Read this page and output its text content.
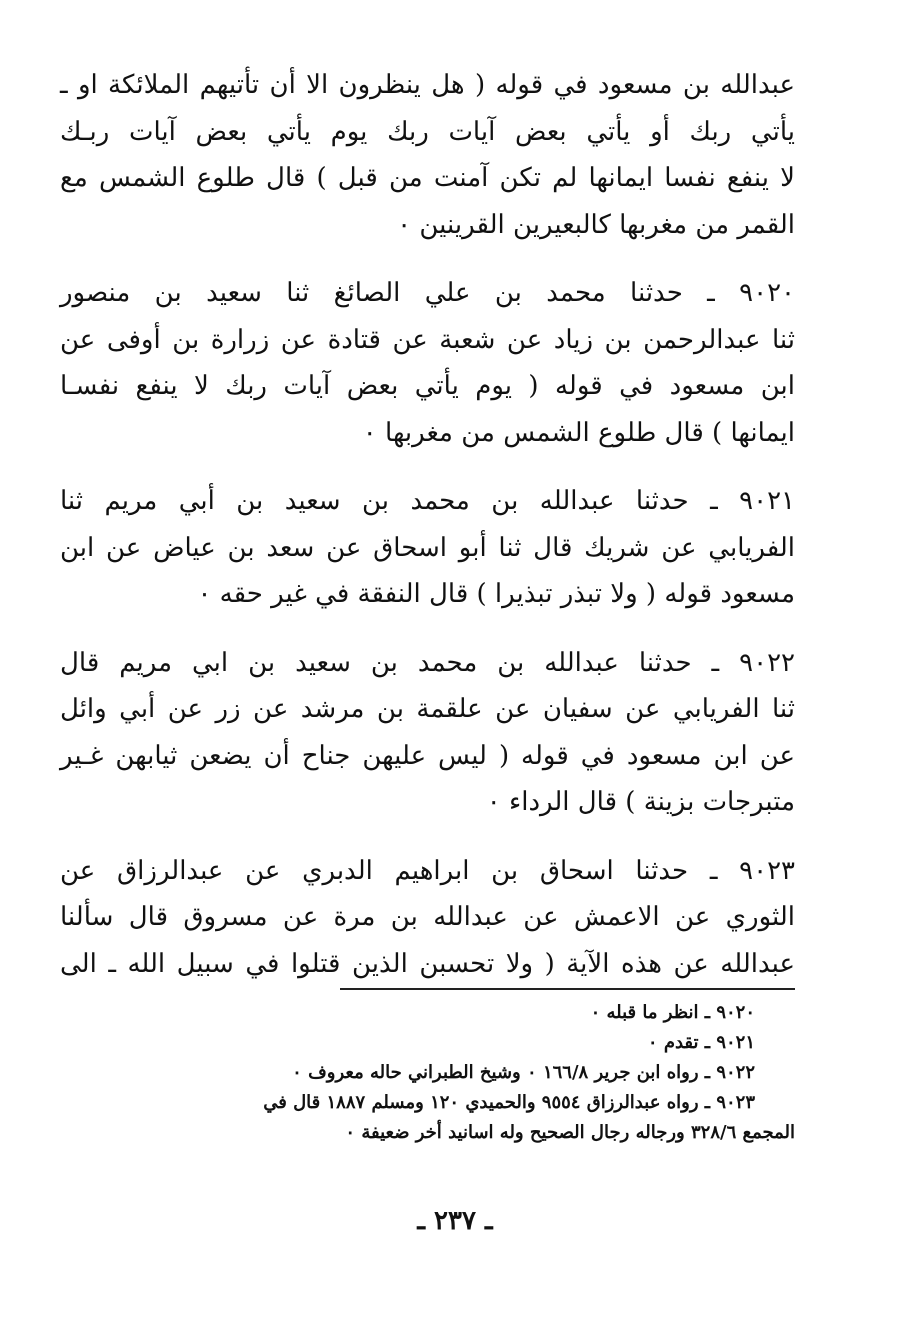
عبدالله بن مسعود في قوله ( هل ينظرون الا أن تأتيهم الملائكة او ـ
يأتي ربك أو يأتي بعض آيات ربك يوم يأتي بعض آيات ربـك
لا ينفع نفسا ايمانها لم تكن آمنت من قبل ) قال طلوع الشمس مع
القمر من مغربها كالبعيرين القرينين ٠
٩٠٢٠ ـ حدثنا محمد بن علي الصائغ ثنا سعيد بن منصور
ثنا عبدالرحمن بن زياد عن شعبة عن قتادة عن زرارة بن أوفى عن
ابن مسعود في قوله ( يوم يأتي بعض آيات ربك لا ينفع نفسـا
ايمانها ) قال طلوع الشمس من مغربها ٠
٩٠٢١ ـ حدثنا عبدالله بن محمد بن سعيد بن أبي مريم ثنا
الفريابي عن شريك قال ثنا أبو اسحاق عن سعد بن عياض عن ابن
مسعود قوله ( ولا تبذر تبذيرا ) قال النفقة في غير حقه ٠
٩٠٢٢ ـ حدثنا عبدالله بن محمد بن سعيد بن ابي مريم قال
ثنا الفريابي عن سفيان عن علقمة بن مرشد عن زر عن أبي وائل
عن ابن مسعود في قوله ( ليس عليهن جناح أن يضعن ثيابهن غـير
متبرجات بزينة ) قال الرداء ٠
٩٠٢٣ ـ حدثنا اسحاق بن ابراهيم الدبري عن عبدالرزاق عن
الثوري عن الاعمش عن عبدالله بن مرة عن مسروق قال سألنا
عبدالله عن هذه الآية ( ولا تحسبن الذين قتلوا في سبيل الله ـ الى
٩٠٢٠ ـ انظر ما قبله ٠
٩٠٢١ ـ تقدم ٠
٩٠٢٢ ـ رواه ابن جرير ١٦٦/٨ ٠ وشيخ الطبراني حاله معروف ٠
٩٠٢٣ ـ رواه عبدالرزاق ٩٥٥٤ والحميدي ١٢٠ ومسلم ١٨٨٧ قال في
المجمع ٣٢٨/٦ ورجاله رجال الصحيح وله اسانيد أخر ضعيفة ٠
ـ ٢٣٧ ـ
